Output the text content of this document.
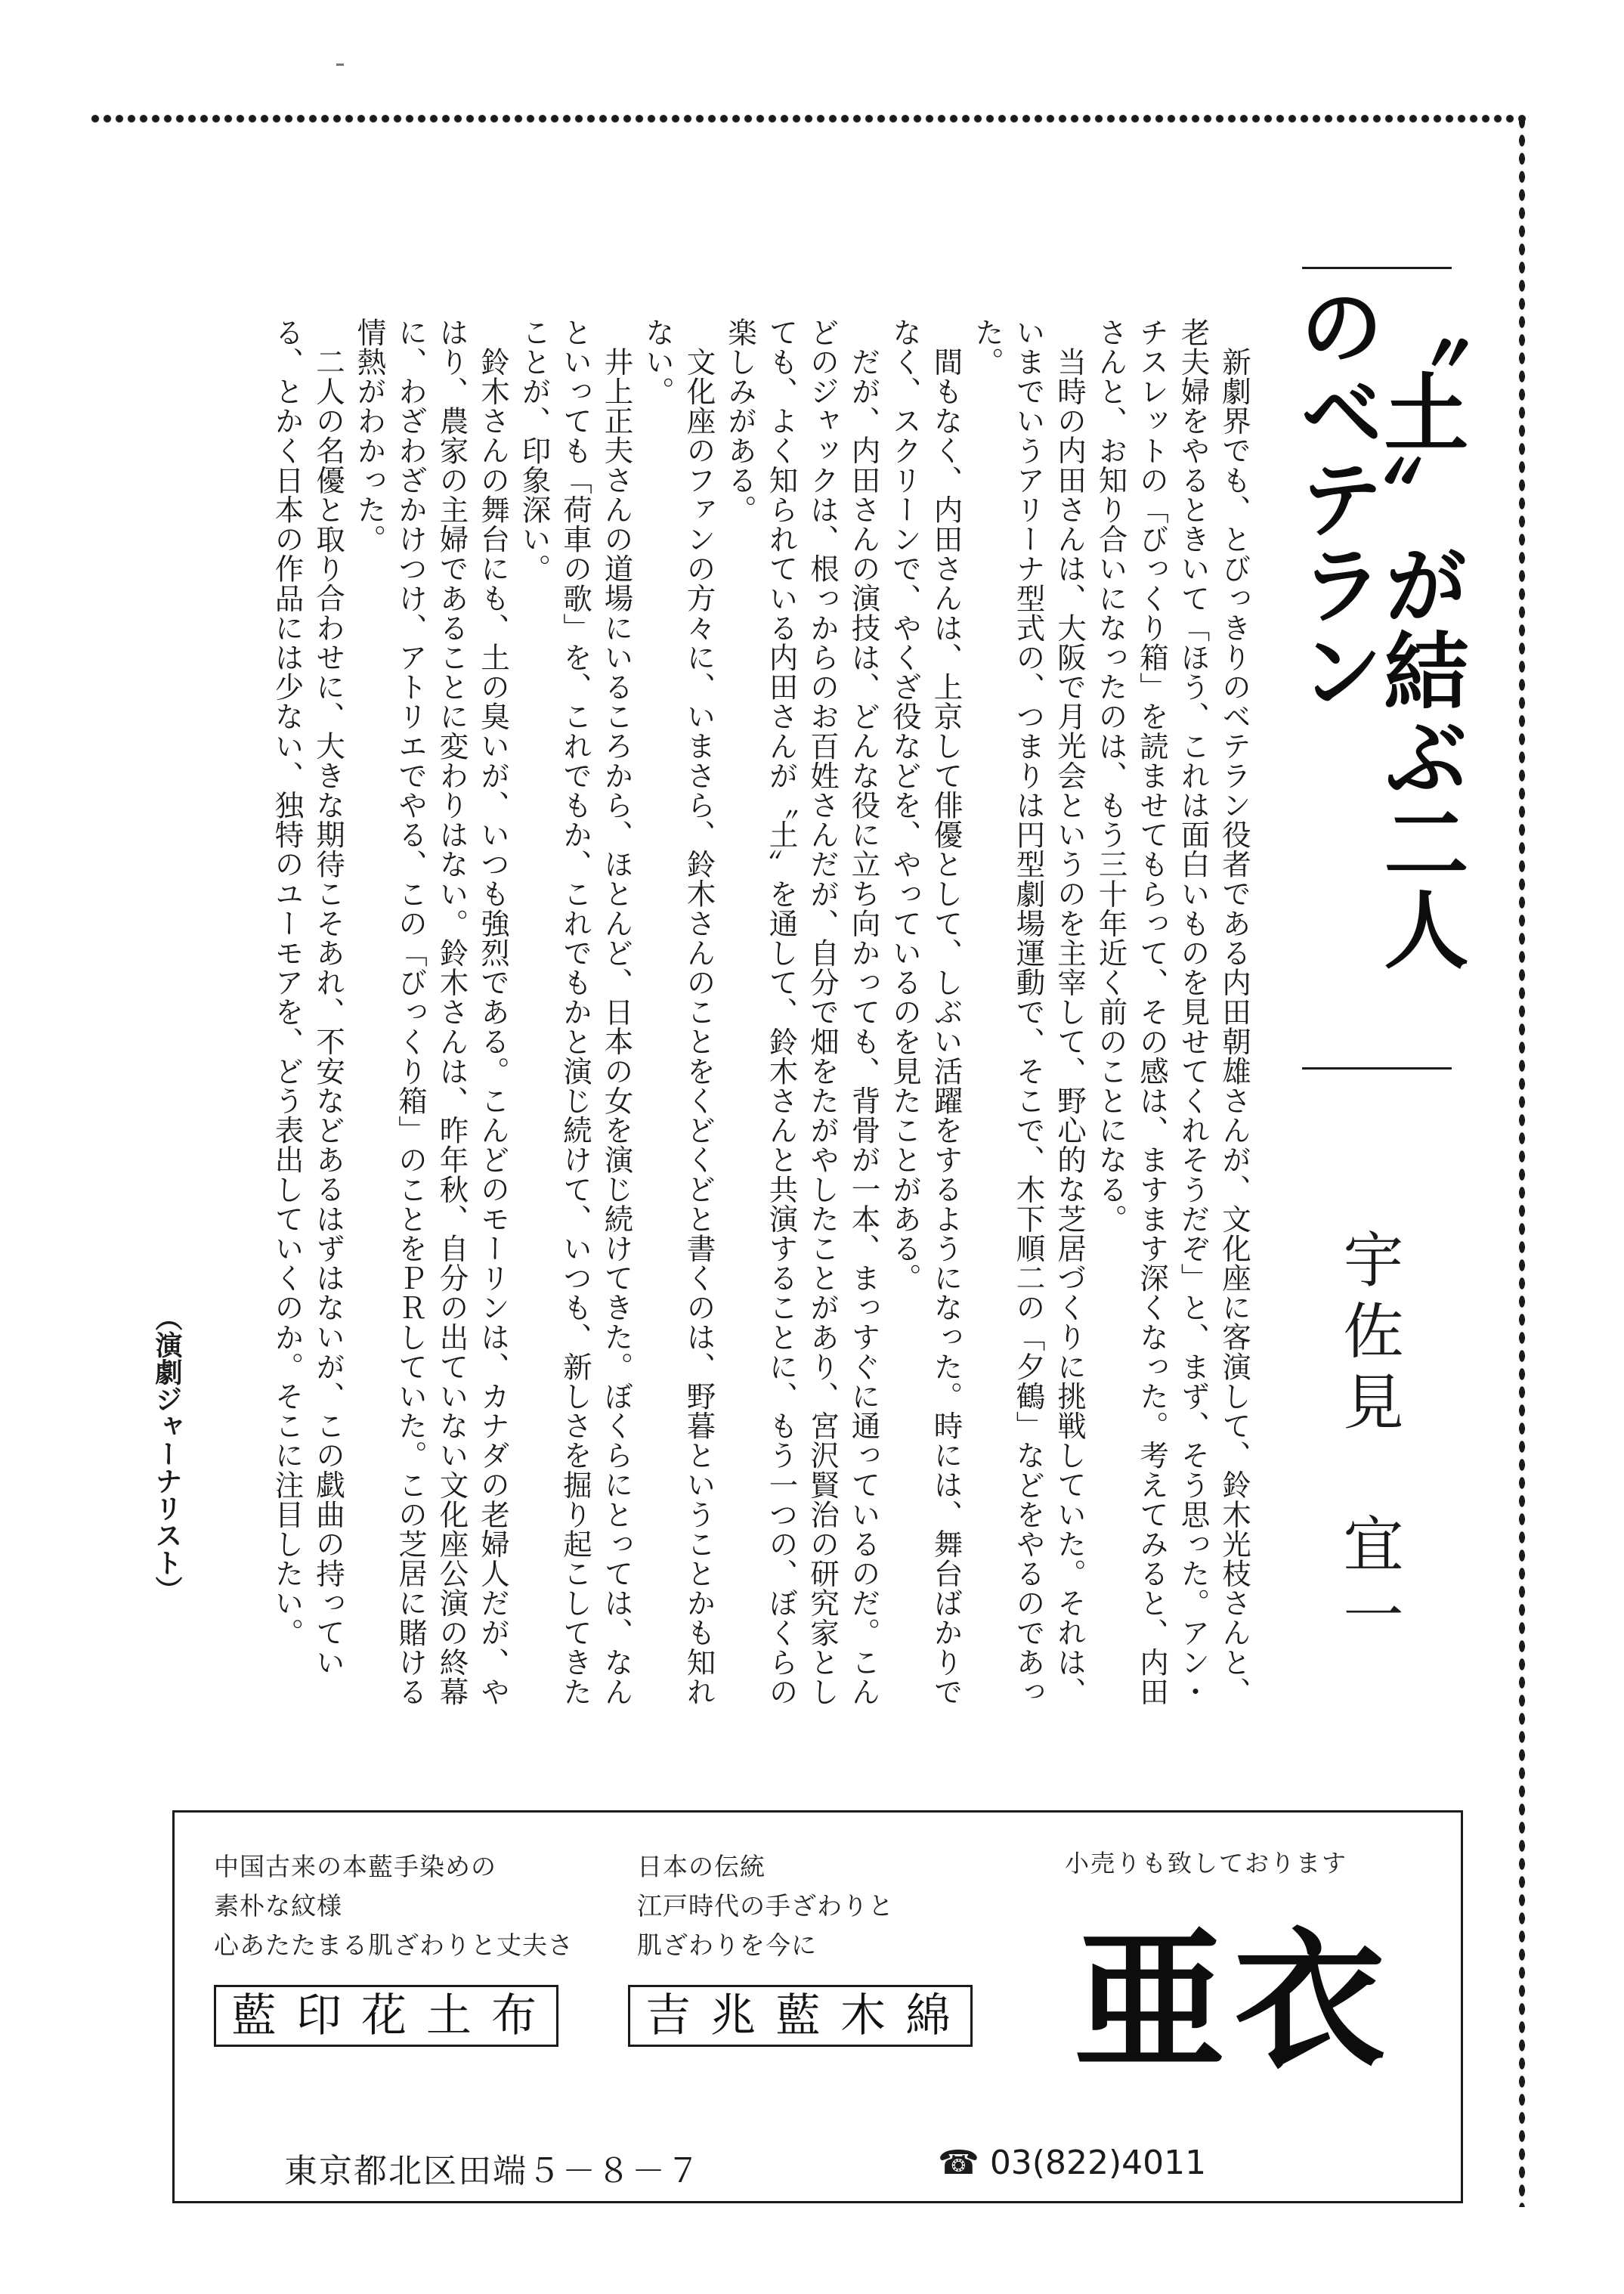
〝土〟が結ぶ二人のベテラン
宇佐見　宜一

新劇界でも、とびっきりのベテラン役者である内田朝雄さんが、文化座に客演して、鈴木光枝さんと、老夫婦をやるときいて「ほう、これは面白いものを見せてくれそうだぞ」と、まず、そう思った。アン・チスレットの「びっくり箱」を読ませてもらって、その感は、ますます深くなった。考えてみると、内田さんと、お知り合いになったのは、もう三十年近く前のことになる。

当時の内田さんは、大阪で月光会というのを主宰して、野心的な芝居づくりに挑戦していた。それは、いまでいうアリーナ型式の、つまりは円型劇場運動で、そこで、木下順二の「夕鶴」などをやるのであった。

間もなく、内田さんは、上京して俳優として、しぶい活躍をするようになった。時には、舞台ばかりでなく、スクリーンで、やくざ役などを、やっているのを見たことがある。

だが、内田さんの演技は、どんな役に立ち向かっても、背骨が一本、まっすぐに通っているのだ。こんどのジャックは、根っからのお百姓さんだが、自分で畑をたがやしたことがあり、宮沢賢治の研究家としても、よく知られている内田さんが〝土〟を通して、鈴木さんと共演することに、もう一つの、ぼくらの楽しみがある。

文化座のファンの方々に、いまさら、鈴木さんのことをくどくどと書くのは、野暮ということかも知れない。

井上正夫さんの道場にいるころから、ほとんど、日本の女を演じ続けてきた。ぼくらにとっては、なんといっても「荷車の歌」を、これでもか、これでもかと演じ続けて、いつも、新しさを掘り起こしてきたことが、印象深い。

鈴木さんの舞台にも、土の臭いが、いつも強烈である。こんどのモーリンは、カナダの老婦人だが、やはり、農家の主婦であることに変わりはない。鈴木さんは、昨年秋、自分の出ていない文化座公演の終幕に、わざわざかけつけ、アトリエでやる、この「びっくり箱」のことをＰＲしていた。この芝居に賭ける情熱がわかった。

二人の名優と取り合わせに、大きな期待こそあれ、不安などあるはずはないが、この戯曲の持っている、とかく日本の作品には少ない、独特のユーモアを、どう表出していくのか。そこに注目したい。

（演劇ジャーナリスト）
中国古来の本藍手染めの
素朴な紋様
心あたたまる肌ざわりと丈夫さ
藍印花土布
日本の伝統
江戸時代の手ざわりと
肌ざわりを今に
吉兆藍木綿
小売りも致しております
亜衣
東京都北区田端５－８－７	☎ 03(822)4011
